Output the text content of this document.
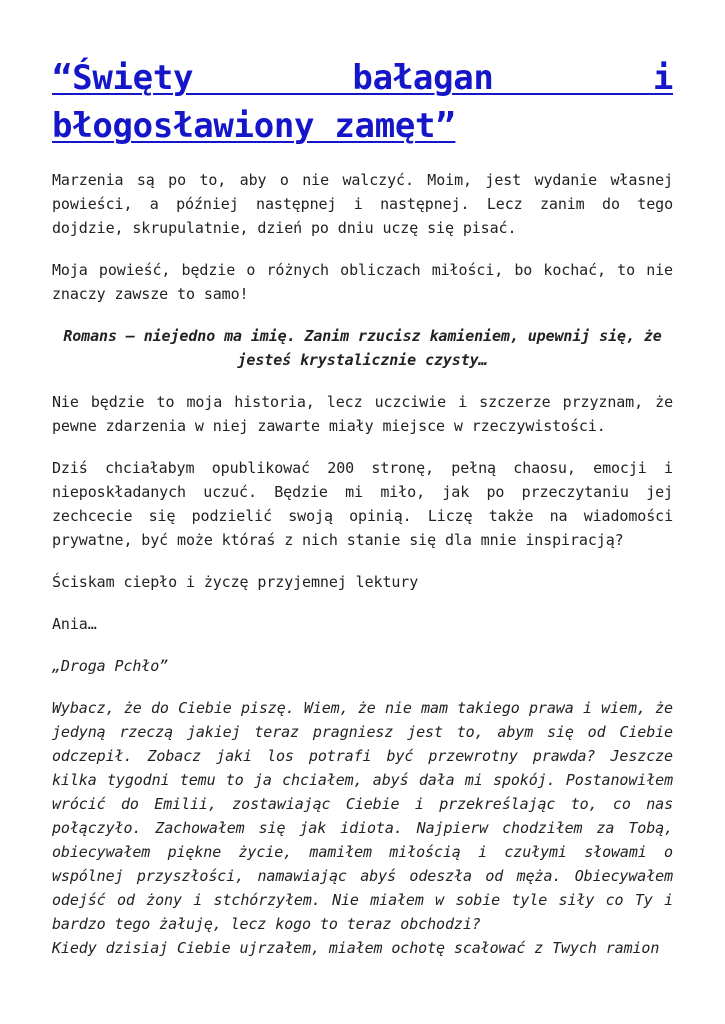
“Święty bałagan i błogosławiony zamęt”

Marzenia są po to, aby o nie walczyć. Moim, jest wydanie własnej powieści, a później następnej i następnej. Lecz zanim do tego dojdzie, skrupulatnie, dzień po dniu uczę się pisać.

Moja powieść, będzie o różnych obliczach miłości, bo kochać, to nie znaczy zawsze to samo!

Romans – niejedno ma imię. Zanim rzucisz kamieniem, upewnij się, że jesteś krystalicznie czysty…

Nie będzie to moja historia, lecz uczciwie i szczerze przyznam, że pewne zdarzenia w niej zawarte miały miejsce w rzeczywistości.

Dziś chciałabym opublikować 200 stronę, pełną chaosu, emocji i nieposkładanych uczuć. Będzie mi miło, jak po przeczytaniu jej zechcecie się podzielić swoją opinią. Liczę także na wiadomości prywatne, być może któraś z nich stanie się dla mnie inspiracją?

Ściskam ciepło i życzę przyjemnej lektury

Ania…

„Droga Pchło”

Wybacz, że do Ciebie piszę. Wiem, że nie mam takiego prawa i wiem, że jedyną rzeczą jakiej teraz pragniesz jest to, abym się od Ciebie odczepił. Zobacz jaki los potrafi być przewrotny prawda? Jeszcze kilka tygodni temu to ja chciałem, abyś dała mi spokój. Postanowiłem wrócić do Emilii, zostawiając Ciebie i przekreślając to, co nas połączyło. Zachowałem się jak idiota. Najpierw chodziłem za Tobą, obiecywałem piękne życie, mamiłem miłością i czułymi słowami o wspólnej przyszłości, namawiając abyś odeszła od męża. Obiecywałem odejść od żony i stchórzyłem. Nie miałem w sobie tyle siły co Ty i bardzo tego żałuję, lecz kogo to teraz obchodzi?

Kiedy dzisiaj Ciebie ujrzałem, miałem ochotę scałować z Twych ramion
